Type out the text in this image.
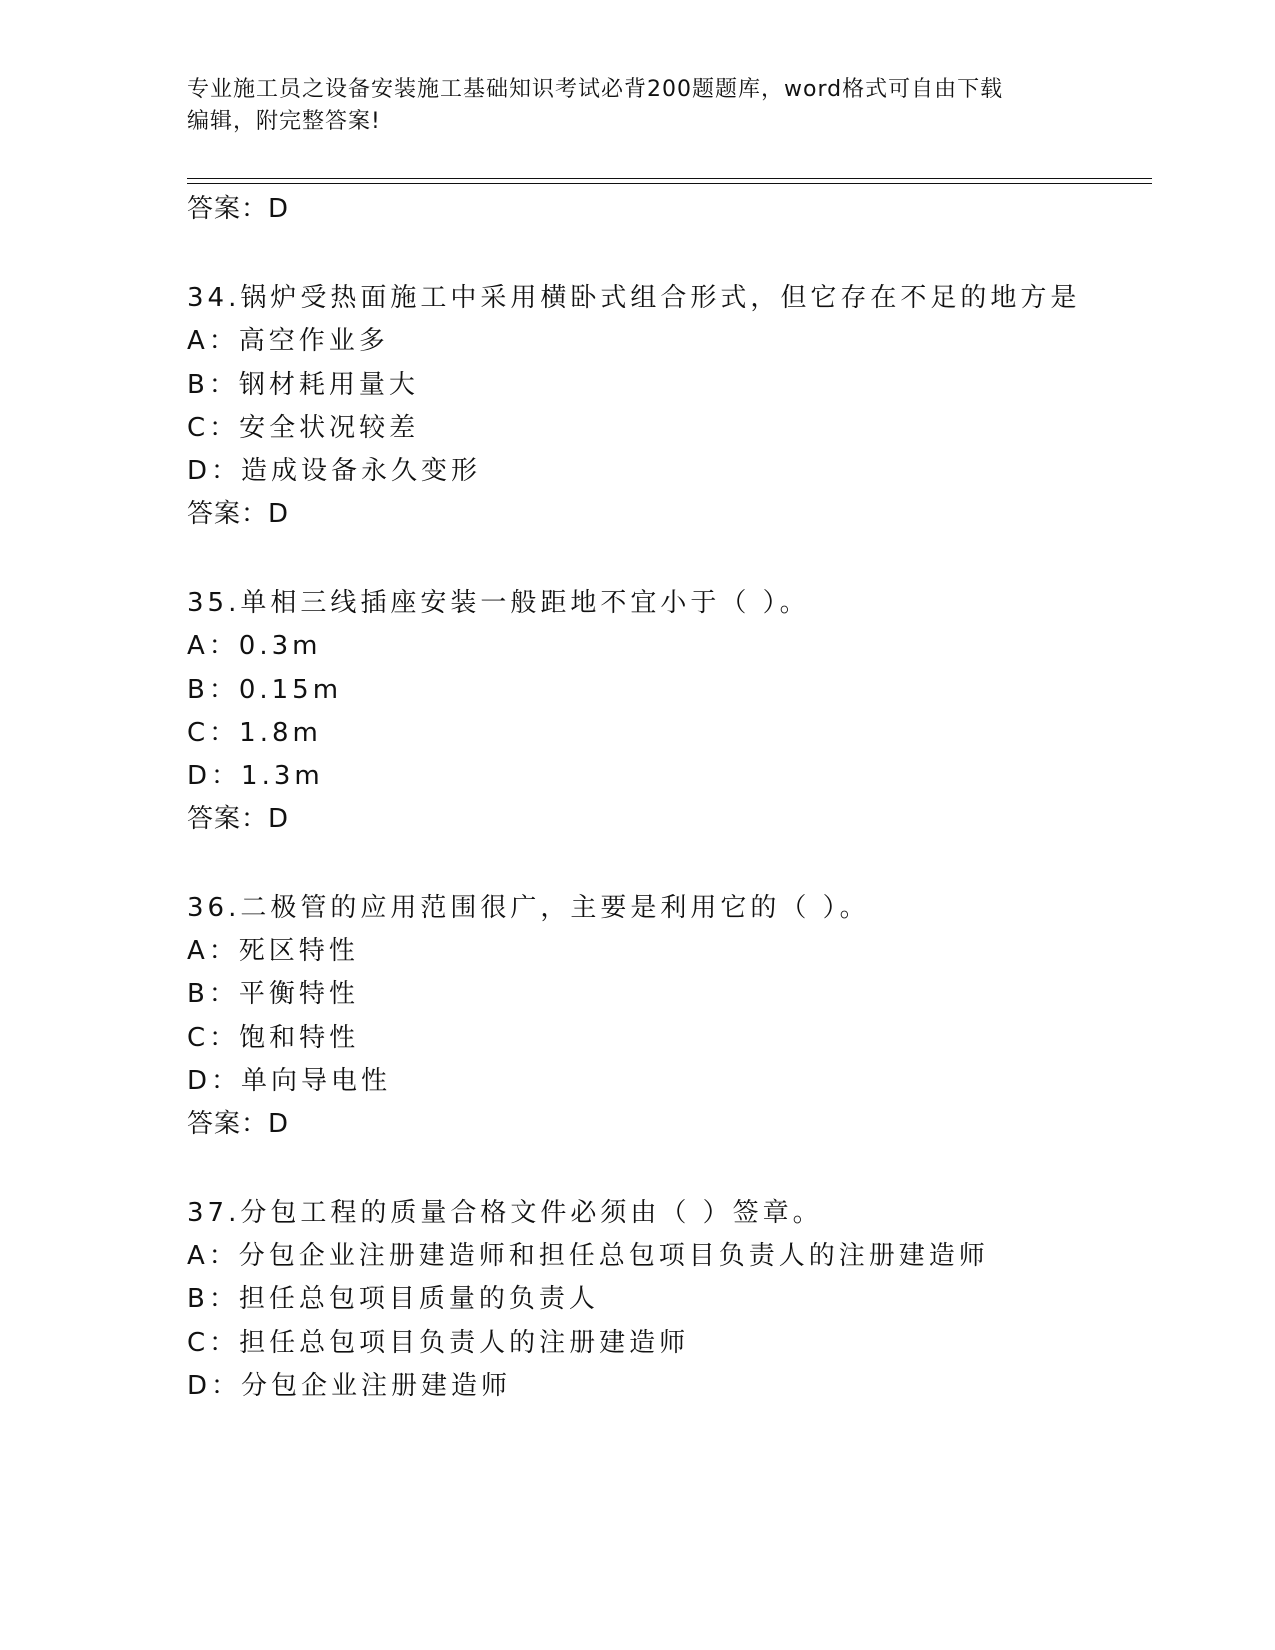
专业施工员之设备安装施工基础知识考试必背200题题库，word格式可自由下载
编辑，附完整答案!
答案：D
34.锅炉受热面施工中采用横卧式组合形式，但它存在不足的地方是
A：高空作业多
B：钢材耗用量大
C：安全状况较差
D：造成设备永久变形
答案：D
35.单相三线插座安装一般距地不宜小于（ ）。
A：0.3m
B：0.15m
C：1.8m
D：1.3m
答案：D
36.二极管的应用范围很广，主要是利用它的（ ）。
A：死区特性
B：平衡特性
C：饱和特性
D：单向导电性
答案：D
37.分包工程的质量合格文件必须由（ ）签章。
A：分包企业注册建造师和担任总包项目负责人的注册建造师
B：担任总包项目质量的负责人
C：担任总包项目负责人的注册建造师
D：分包企业注册建造师
